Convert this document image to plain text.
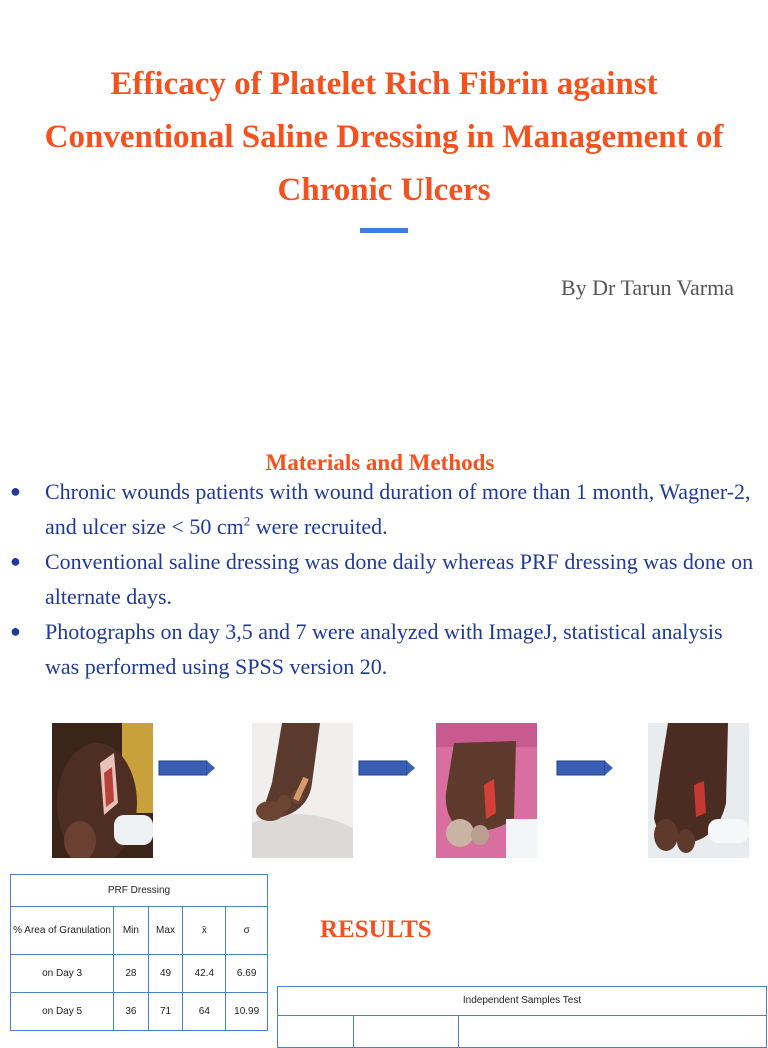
Efficacy of Platelet Rich Fibrin against Conventional Saline Dressing in Management of Chronic Ulcers
By Dr Tarun Varma
Materials and Methods
● Chronic wounds patients with wound duration of more than 1 month, Wagner-2, and ulcer size < 50 $cm^2$ were recruited.
● Conventional saline dressing was done daily whereas PRF dressing was done on alternate days.
● Photographs on day 3,5 and 7 were analyzed with ImageJ, statistical analysis was performed using SPSS version 20.
PRF Dressing				
% Area of Granulation	Min	Max	x̄	σ
on Day 3	28	49	42.4	6.69
on Day 5	36	71	64	10.99
RESULTS
Independent Samples Test
